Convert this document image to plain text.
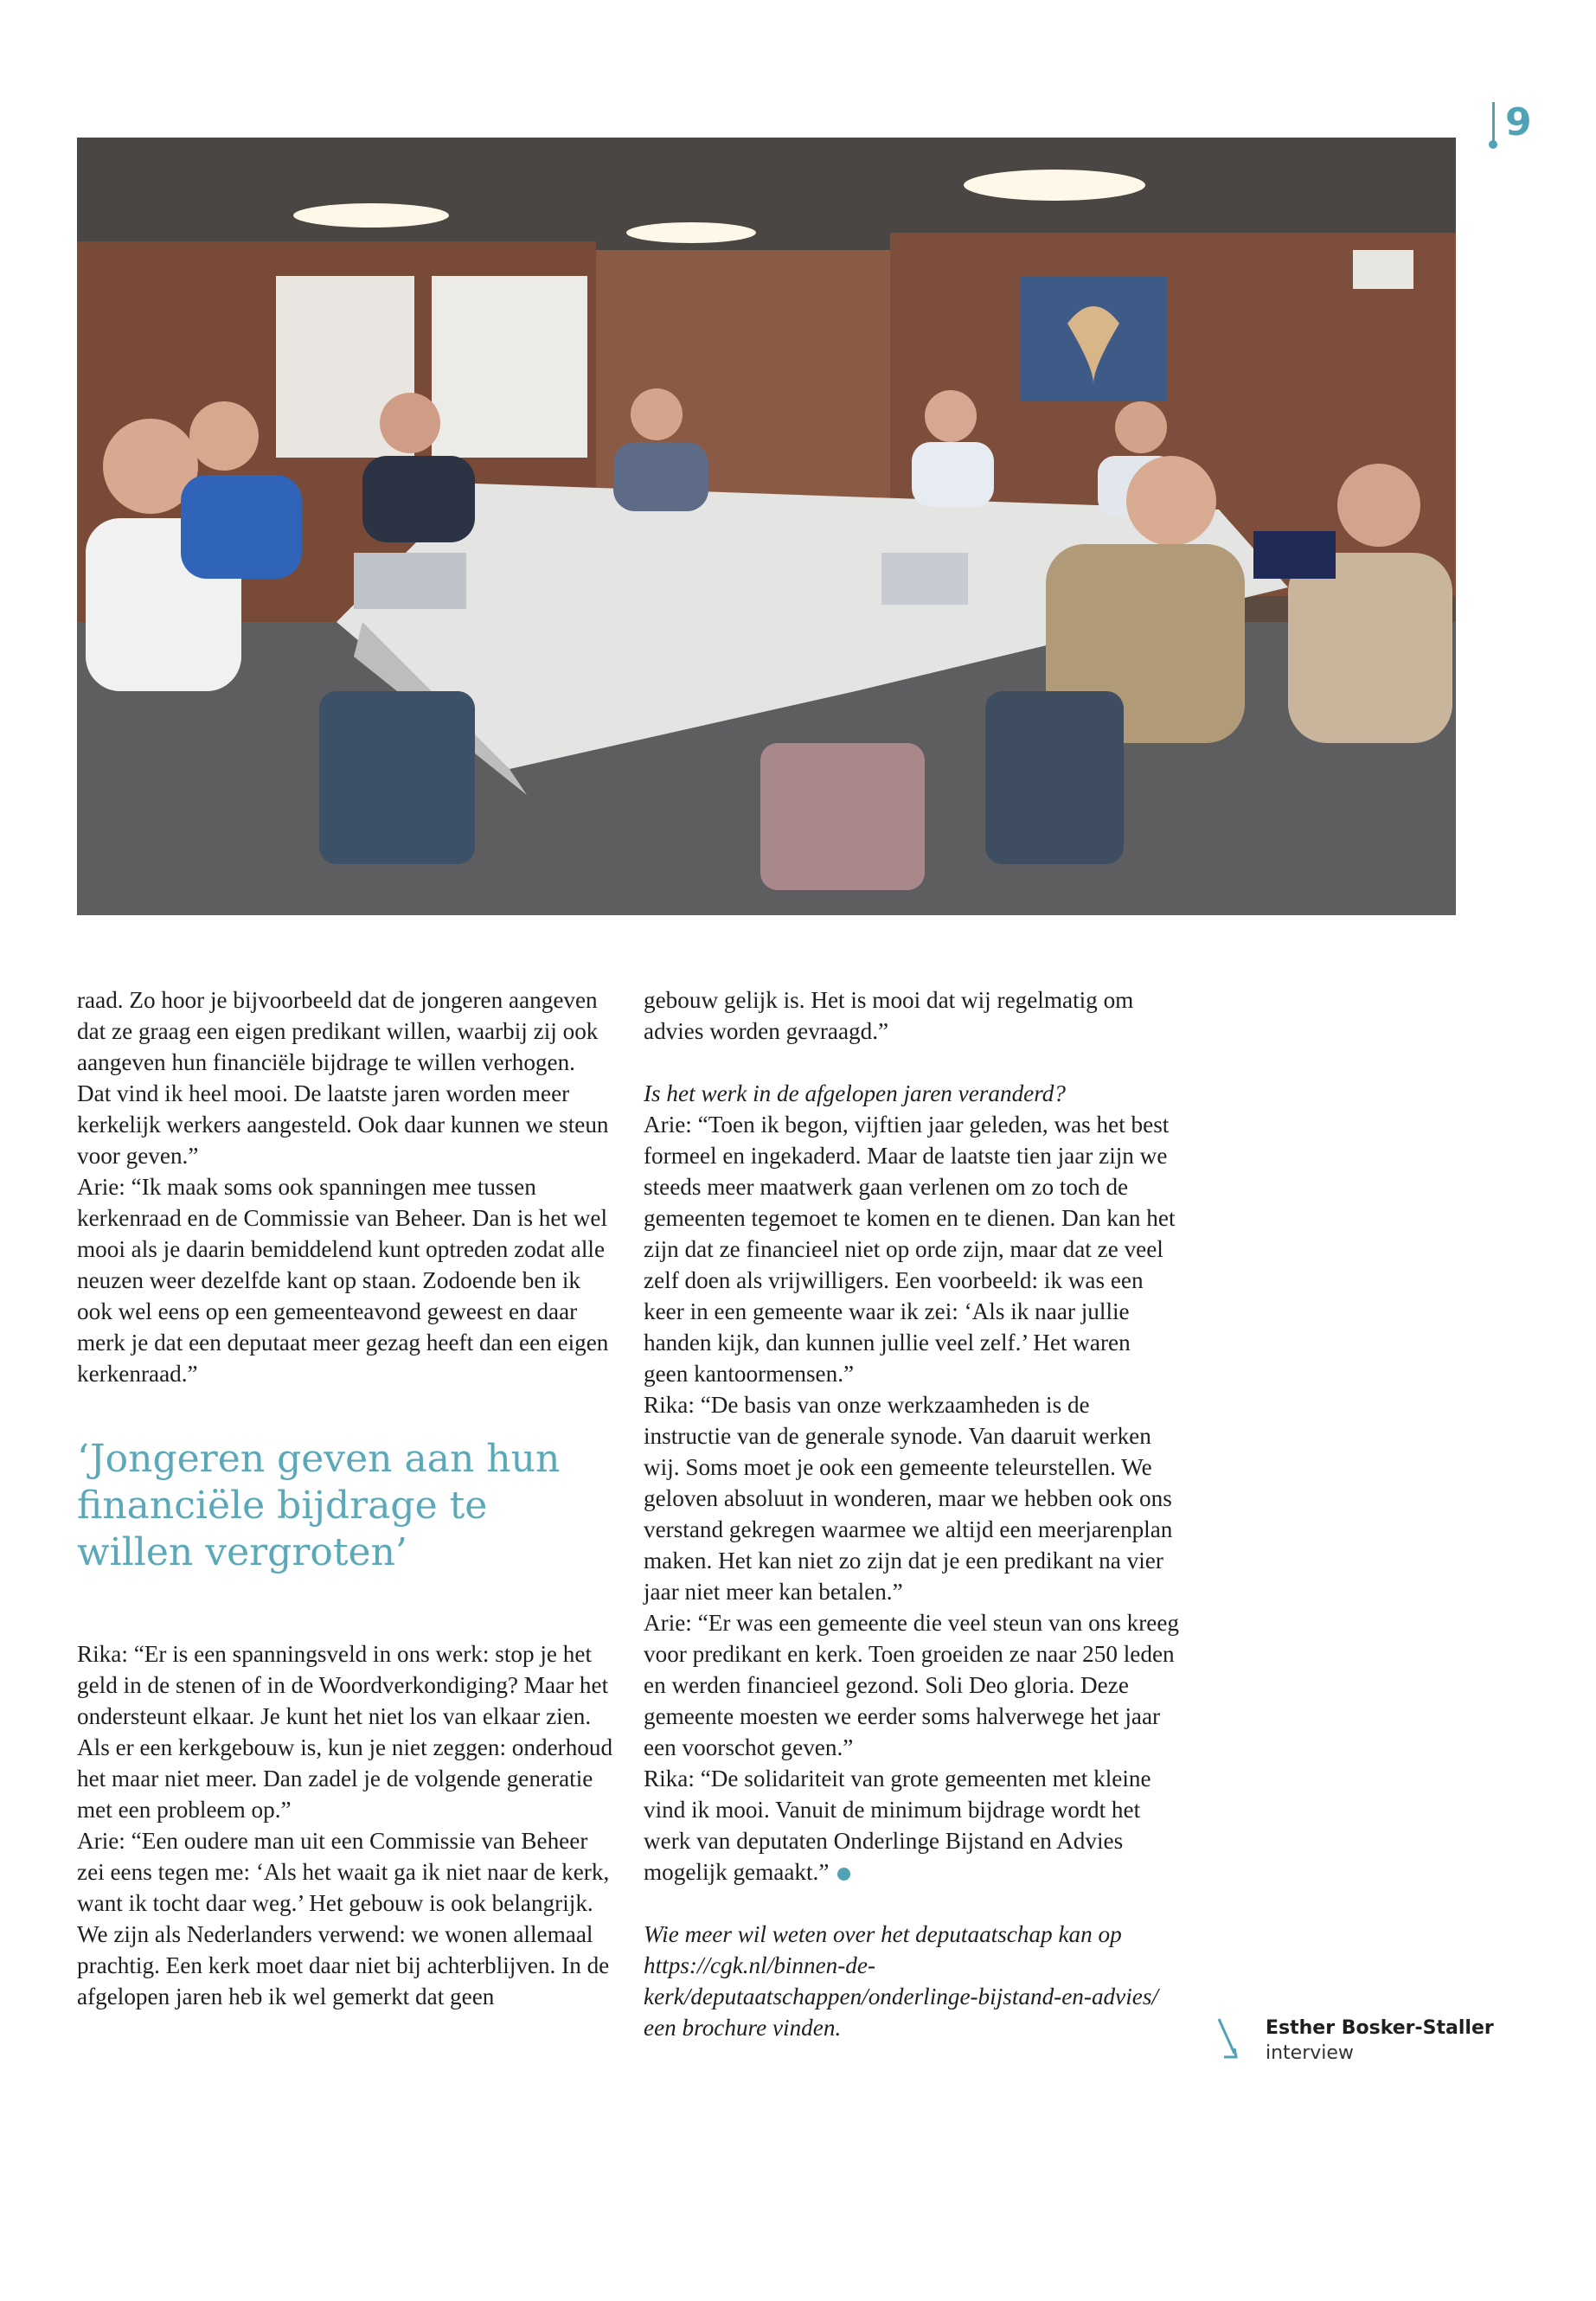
9

raad. Zo hoor je bijvoorbeeld dat de jongeren aangeven dat ze graag een eigen predikant willen, waarbij zij ook aangeven hun financiële bijdrage te willen verhogen. Dat vind ik heel mooi. De laatste jaren worden meer kerkelijk werkers aangesteld. Ook daar kunnen we steun voor geven.”

Arie: “Ik maak soms ook spanningen mee tussen kerkenraad en de Commissie van Beheer. Dan is het wel mooi als je daarin bemiddelend kunt optreden zodat alle neuzen weer dezelfde kant op staan. Zodoende ben ik ook wel eens op een gemeenteavond geweest en daar merk je dat een deputaat meer gezag heeft dan een eigen kerkenraad.”

‘Jongeren geven aan hun financiële bijdrage te willen vergroten’

Rika: “Er is een spanningsveld in ons werk: stop je het geld in de stenen of in de Woordverkondiging? Maar het ondersteunt elkaar. Je kunt het niet los van elkaar zien. Als er een kerkgebouw is, kun je niet zeggen: onderhoud het maar niet meer. Dan zadel je de volgende generatie met een probleem op.”

Arie: “Een oudere man uit een Commissie van Beheer zei eens tegen me: ‘Als het waait ga ik niet naar de kerk, want ik tocht daar weg.’ Het gebouw is ook belangrijk. We zijn als Nederlanders verwend: we wonen allemaal prachtig. Een kerk moet daar niet bij achterblijven. In de afgelopen jaren heb ik wel gemerkt dat geen

gebouw gelijk is. Het is mooi dat wij regelmatig om advies worden gevraagd.”

Is het werk in de afgelopen jaren veranderd?

Arie: “Toen ik begon, vijftien jaar geleden, was het best formeel en ingekaderd. Maar de laatste tien jaar zijn we steeds meer maatwerk gaan verlenen om zo toch de gemeenten tegemoet te komen en te dienen. Dan kan het zijn dat ze financieel niet op orde zijn, maar dat ze veel zelf doen als vrijwilligers. Een voorbeeld: ik was een keer in een gemeente waar ik zei: ‘Als ik naar jullie handen kijk, dan kunnen jullie veel zelf.’ Het waren geen kantoormensen.”

Rika: “De basis van onze werkzaamheden is de instructie van de generale synode. Van daaruit werken wij. Soms moet je ook een gemeente teleurstellen. We geloven absoluut in wonderen, maar we hebben ook ons verstand gekregen waarmee we altijd een meerjarenplan maken. Het kan niet zo zijn dat je een predikant na vier jaar niet meer kan betalen.”

Arie: “Er was een gemeente die veel steun van ons kreeg voor predikant en kerk. Toen groeiden ze naar 250 leden en werden financieel gezond. Soli Deo gloria. Deze gemeente moesten we eerder soms halverwege het jaar een voorschot geven.”

Rika: “De solidariteit van grote gemeenten met kleine vind ik mooi. Vanuit de minimum bijdrage wordt het werk van deputaten Onderlinge Bijstand en Advies mogelijk gemaakt.”

Wie meer wil weten over het deputaatschap kan op https://cgk.nl/binnen-de-kerk/deputaatschappen/onderlinge-bijstand-en-advies/ een brochure vinden.	Esther Bosker-Staller
interview
